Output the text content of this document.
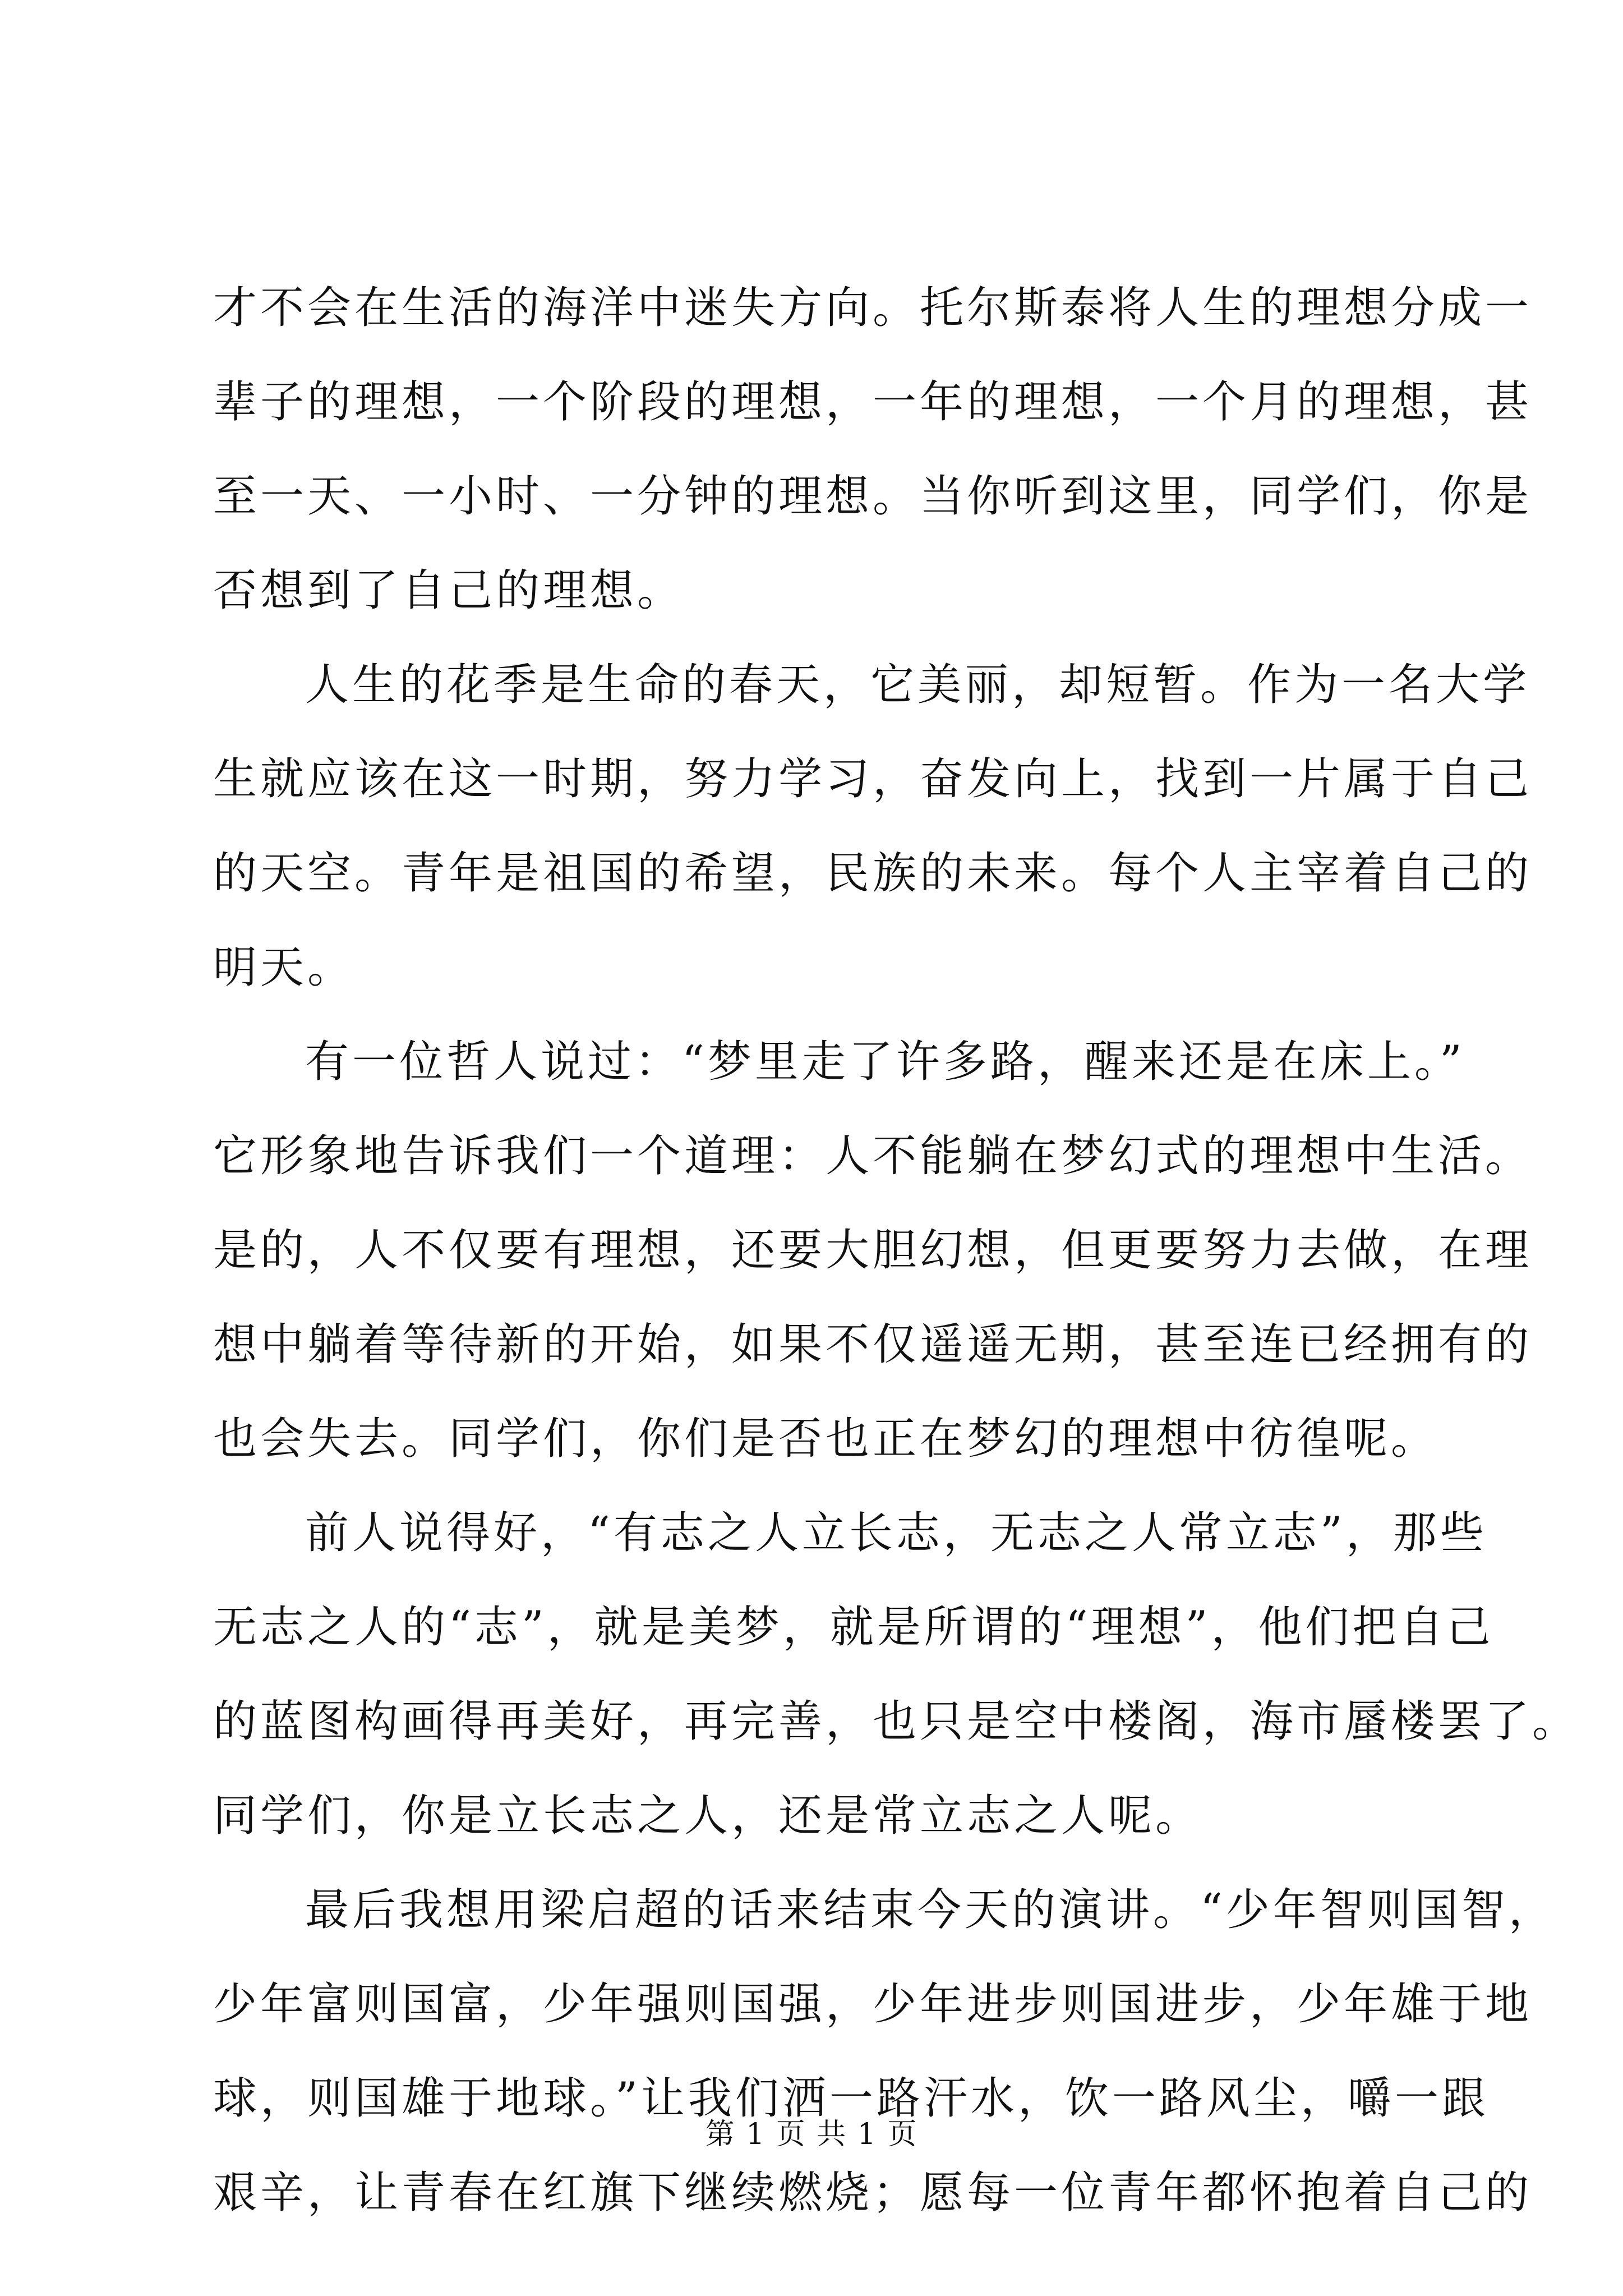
才不会在生活的海洋中迷失方向。托尔斯泰将人生的理想分成一
辈子的理想，一个阶段的理想，一年的理想，一个月的理想，甚
至一天、一小时、一分钟的理想。当你听到这里，同学们，你是
否想到了自己的理想。
人生的花季是生命的春天，它美丽，却短暂。作为一名大学
生就应该在这一时期，努力学习，奋发向上，找到一片属于自己
的天空。青年是祖国的希望，民族的未来。每个人主宰着自己的
明天。
有一位哲人说过：“梦里走了许多路，醒来还是在床上。”
它形象地告诉我们一个道理：人不能躺在梦幻式的理想中生活。
是的，人不仅要有理想，还要大胆幻想，但更要努力去做，在理
想中躺着等待新的开始，如果不仅遥遥无期，甚至连已经拥有的
也会失去。同学们，你们是否也正在梦幻的理想中彷徨呢。
前人说得好，“有志之人立长志，无志之人常立志”，那些
无志之人的“志”，就是美梦，就是所谓的“理想”，他们把自己
的蓝图构画得再美好，再完善，也只是空中楼阁，海市蜃楼罢了。
同学们，你是立长志之人，还是常立志之人呢。
最后我想用梁启超的话来结束今天的演讲。“少年智则国智，
少年富则国富，少年强则国强，少年进步则国进步，少年雄于地
球，则国雄于地球。”让我们洒一路汗水，饮一路风尘，嚼一跟
艰辛，让青春在红旗下继续燃烧；愿每一位青年都怀抱着自己的
第 1 页 共 1 页
